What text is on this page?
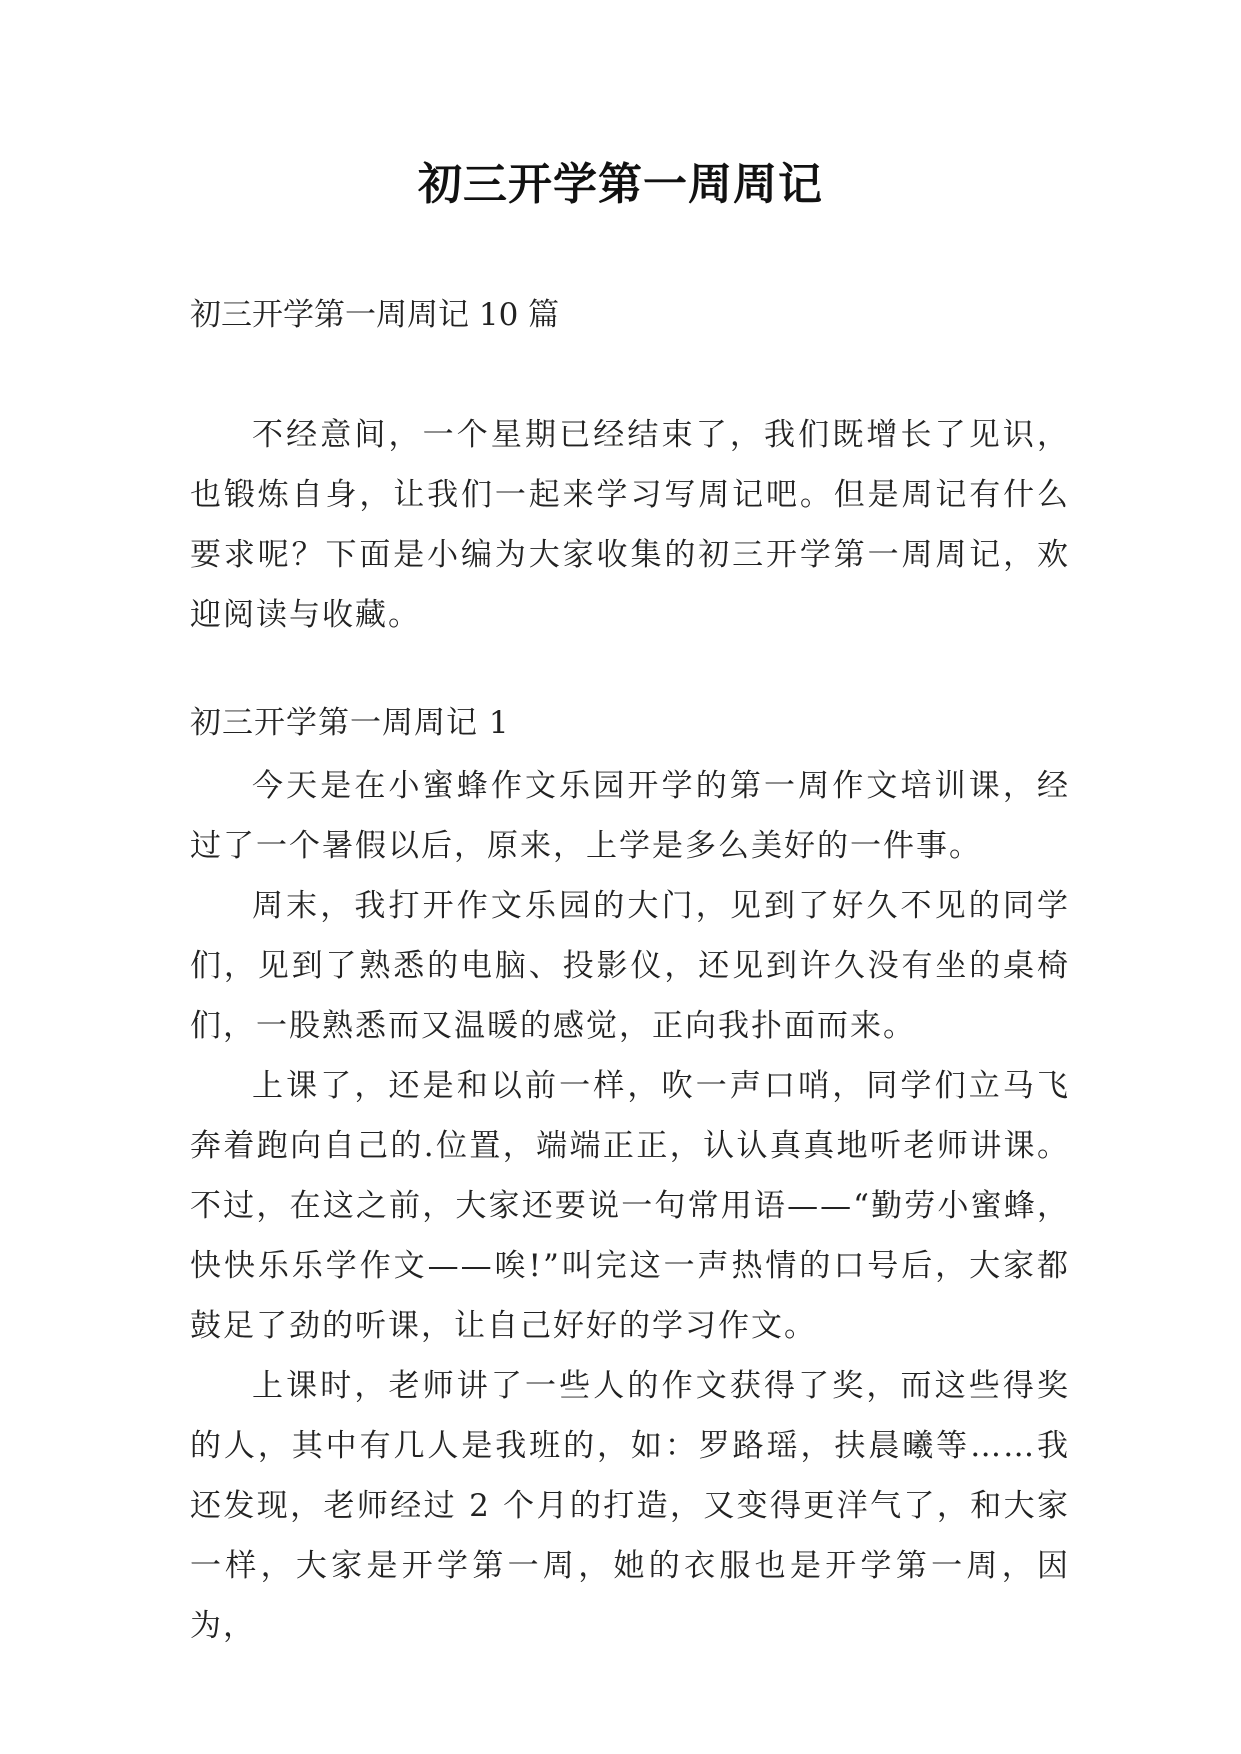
初三开学第一周周记

初三开学第一周周记 10 篇

不经意间，一个星期已经结束了，我们既增长了见识，也锻炼自身，让我们一起来学习写周记吧。但是周记有什么要求呢？下面是小编为大家收集的初三开学第一周周记，欢迎阅读与收藏。

初三开学第一周周记 1

今天是在小蜜蜂作文乐园开学的第一周作文培训课，经过了一个暑假以后，原来，上学是多么美好的一件事。

周末，我打开作文乐园的大门，见到了好久不见的同学们，见到了熟悉的电脑、投影仪，还见到许久没有坐的桌椅们，一股熟悉而又温暖的感觉，正向我扑面而来。

上课了，还是和以前一样，吹一声口哨，同学们立马飞奔着跑向自己的.位置，端端正正，认认真真地听老师讲课。不过，在这之前，大家还要说一句常用语——“勤劳小蜜蜂，快快乐乐学作文——唉!”叫完这一声热情的口号后，大家都鼓足了劲的听课，让自己好好的学习作文。

上课时，老师讲了一些人的作文获得了奖，而这些得奖的人，其中有几人是我班的，如：罗路瑶，扶晨曦等……我还发现，老师经过 2 个月的打造，又变得更洋气了，和大家一样，大家是开学第一周，她的衣服也是开学第一周，因为，
